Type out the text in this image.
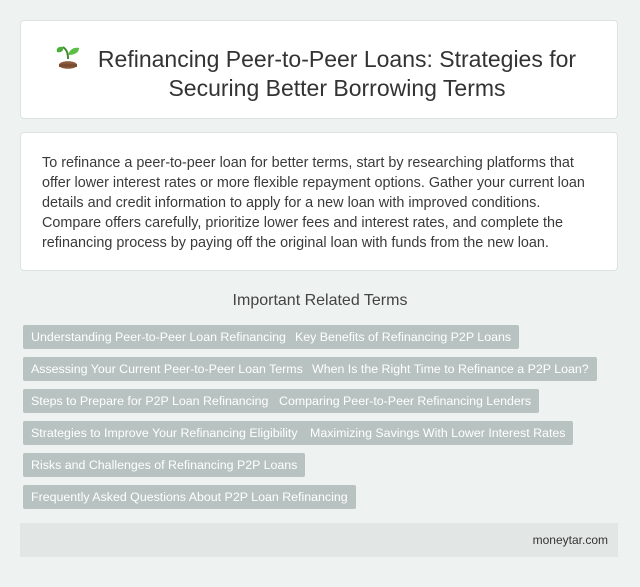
Refinancing Peer-to-Peer Loans: Strategies for Securing Better Borrowing Terms
To refinance a peer-to-peer loan for better terms, start by researching platforms that offer lower interest rates or more flexible repayment options. Gather your current loan details and credit information to apply for a new loan with improved conditions. Compare offers carefully, prioritize lower fees and interest rates, and complete the refinancing process by paying off the original loan with funds from the new loan.
Important Related Terms
Understanding Peer-to-Peer Loan Refinancing Key Benefits of Refinancing P2P Loans
Assessing Your Current Peer-to-Peer Loan Terms When Is the Right Time to Refinance a P2P Loan?
Steps to Prepare for P2P Loan Refinancing Comparing Peer-to-Peer Refinancing Lenders
Strategies to Improve Your Refinancing Eligibility	Maximizing Savings With Lower Interest Rates
Risks and Challenges of Refinancing P2P Loans
Frequently Asked Questions About P2P Loan Refinancing
moneytar.com
